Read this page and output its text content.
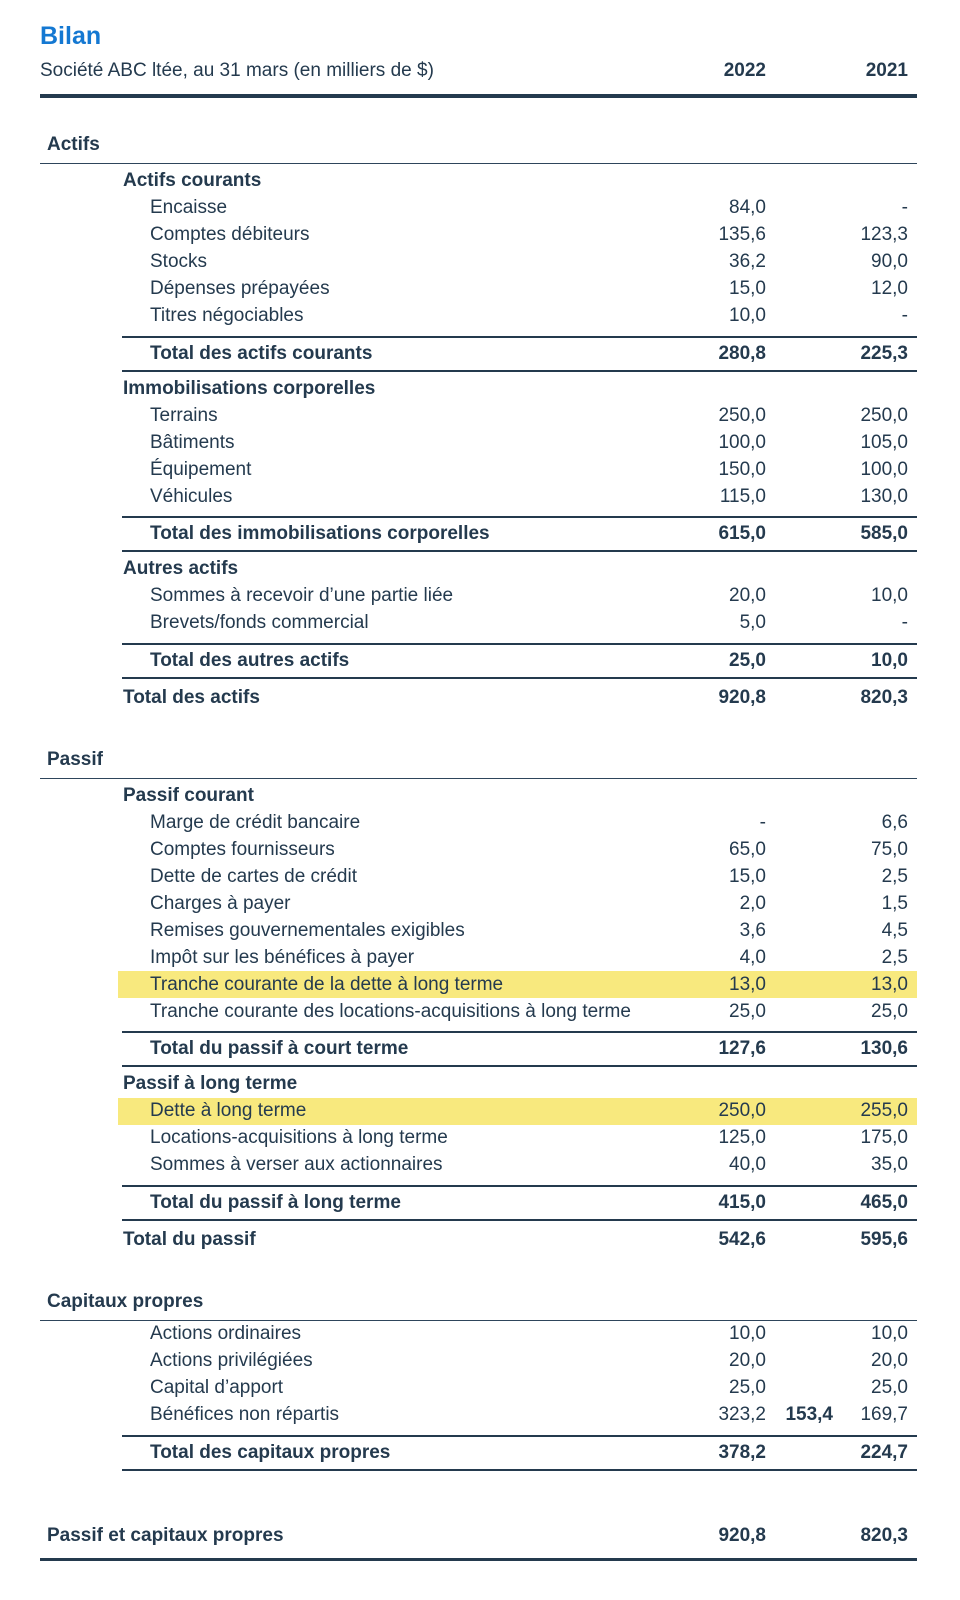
Bilan
Société ABC ltée, au 31 mars (en milliers de $)	2022	2021
Actifs
Actifs courants
Encaisse	84,0	-
Comptes débiteurs	135,6	123,3
Stocks	36,2	90,0
Dépenses prépayées	15,0	12,0
Titres négociables	10,0	-
Total des actifs courants	280,8	225,3
Immobilisations corporelles
Terrains	250,0	250,0
Bâtiments	100,0	105,0
Équipement	150,0	100,0
Véhicules	115,0	130,0
Total des immobilisations corporelles	615,0	585,0
Autres actifs
Sommes à recevoir d’une partie liée	20,0	10,0
Brevets/fonds commercial	5,0	-
Total des autres actifs	25,0	10,0
Total des actifs	920,8	820,3
Passif
Passif courant
Marge de crédit bancaire	-	6,6
Comptes fournisseurs	65,0	75,0
Dette de cartes de crédit	15,0	2,5
Charges à payer	2,0	1,5
Remises gouvernementales exigibles	3,6	4,5
Impôt sur les bénéfices à payer	4,0	2,5
Tranche courante de la dette à long terme	13,0	13,0
Tranche courante des locations-acquisitions à long terme	25,0	25,0
Total du passif à court terme	127,6	130,6
Passif à long terme
Dette à long terme	250,0	255,0
Locations-acquisitions à long terme	125,0	175,0
Sommes à verser aux actionnaires	40,0	35,0
Total du passif à long terme	415,0	465,0
Total du passif	542,6	595,6
Capitaux propres
Actions ordinaires	10,0	10,0
Actions privilégiées	20,0	20,0
Capital d’apport	25,0	25,0
Bénéfices non répartis	323,2	153,4	169,7
Total des capitaux propres	378,2	224,7
Passif et capitaux propres	920,8	820,3
